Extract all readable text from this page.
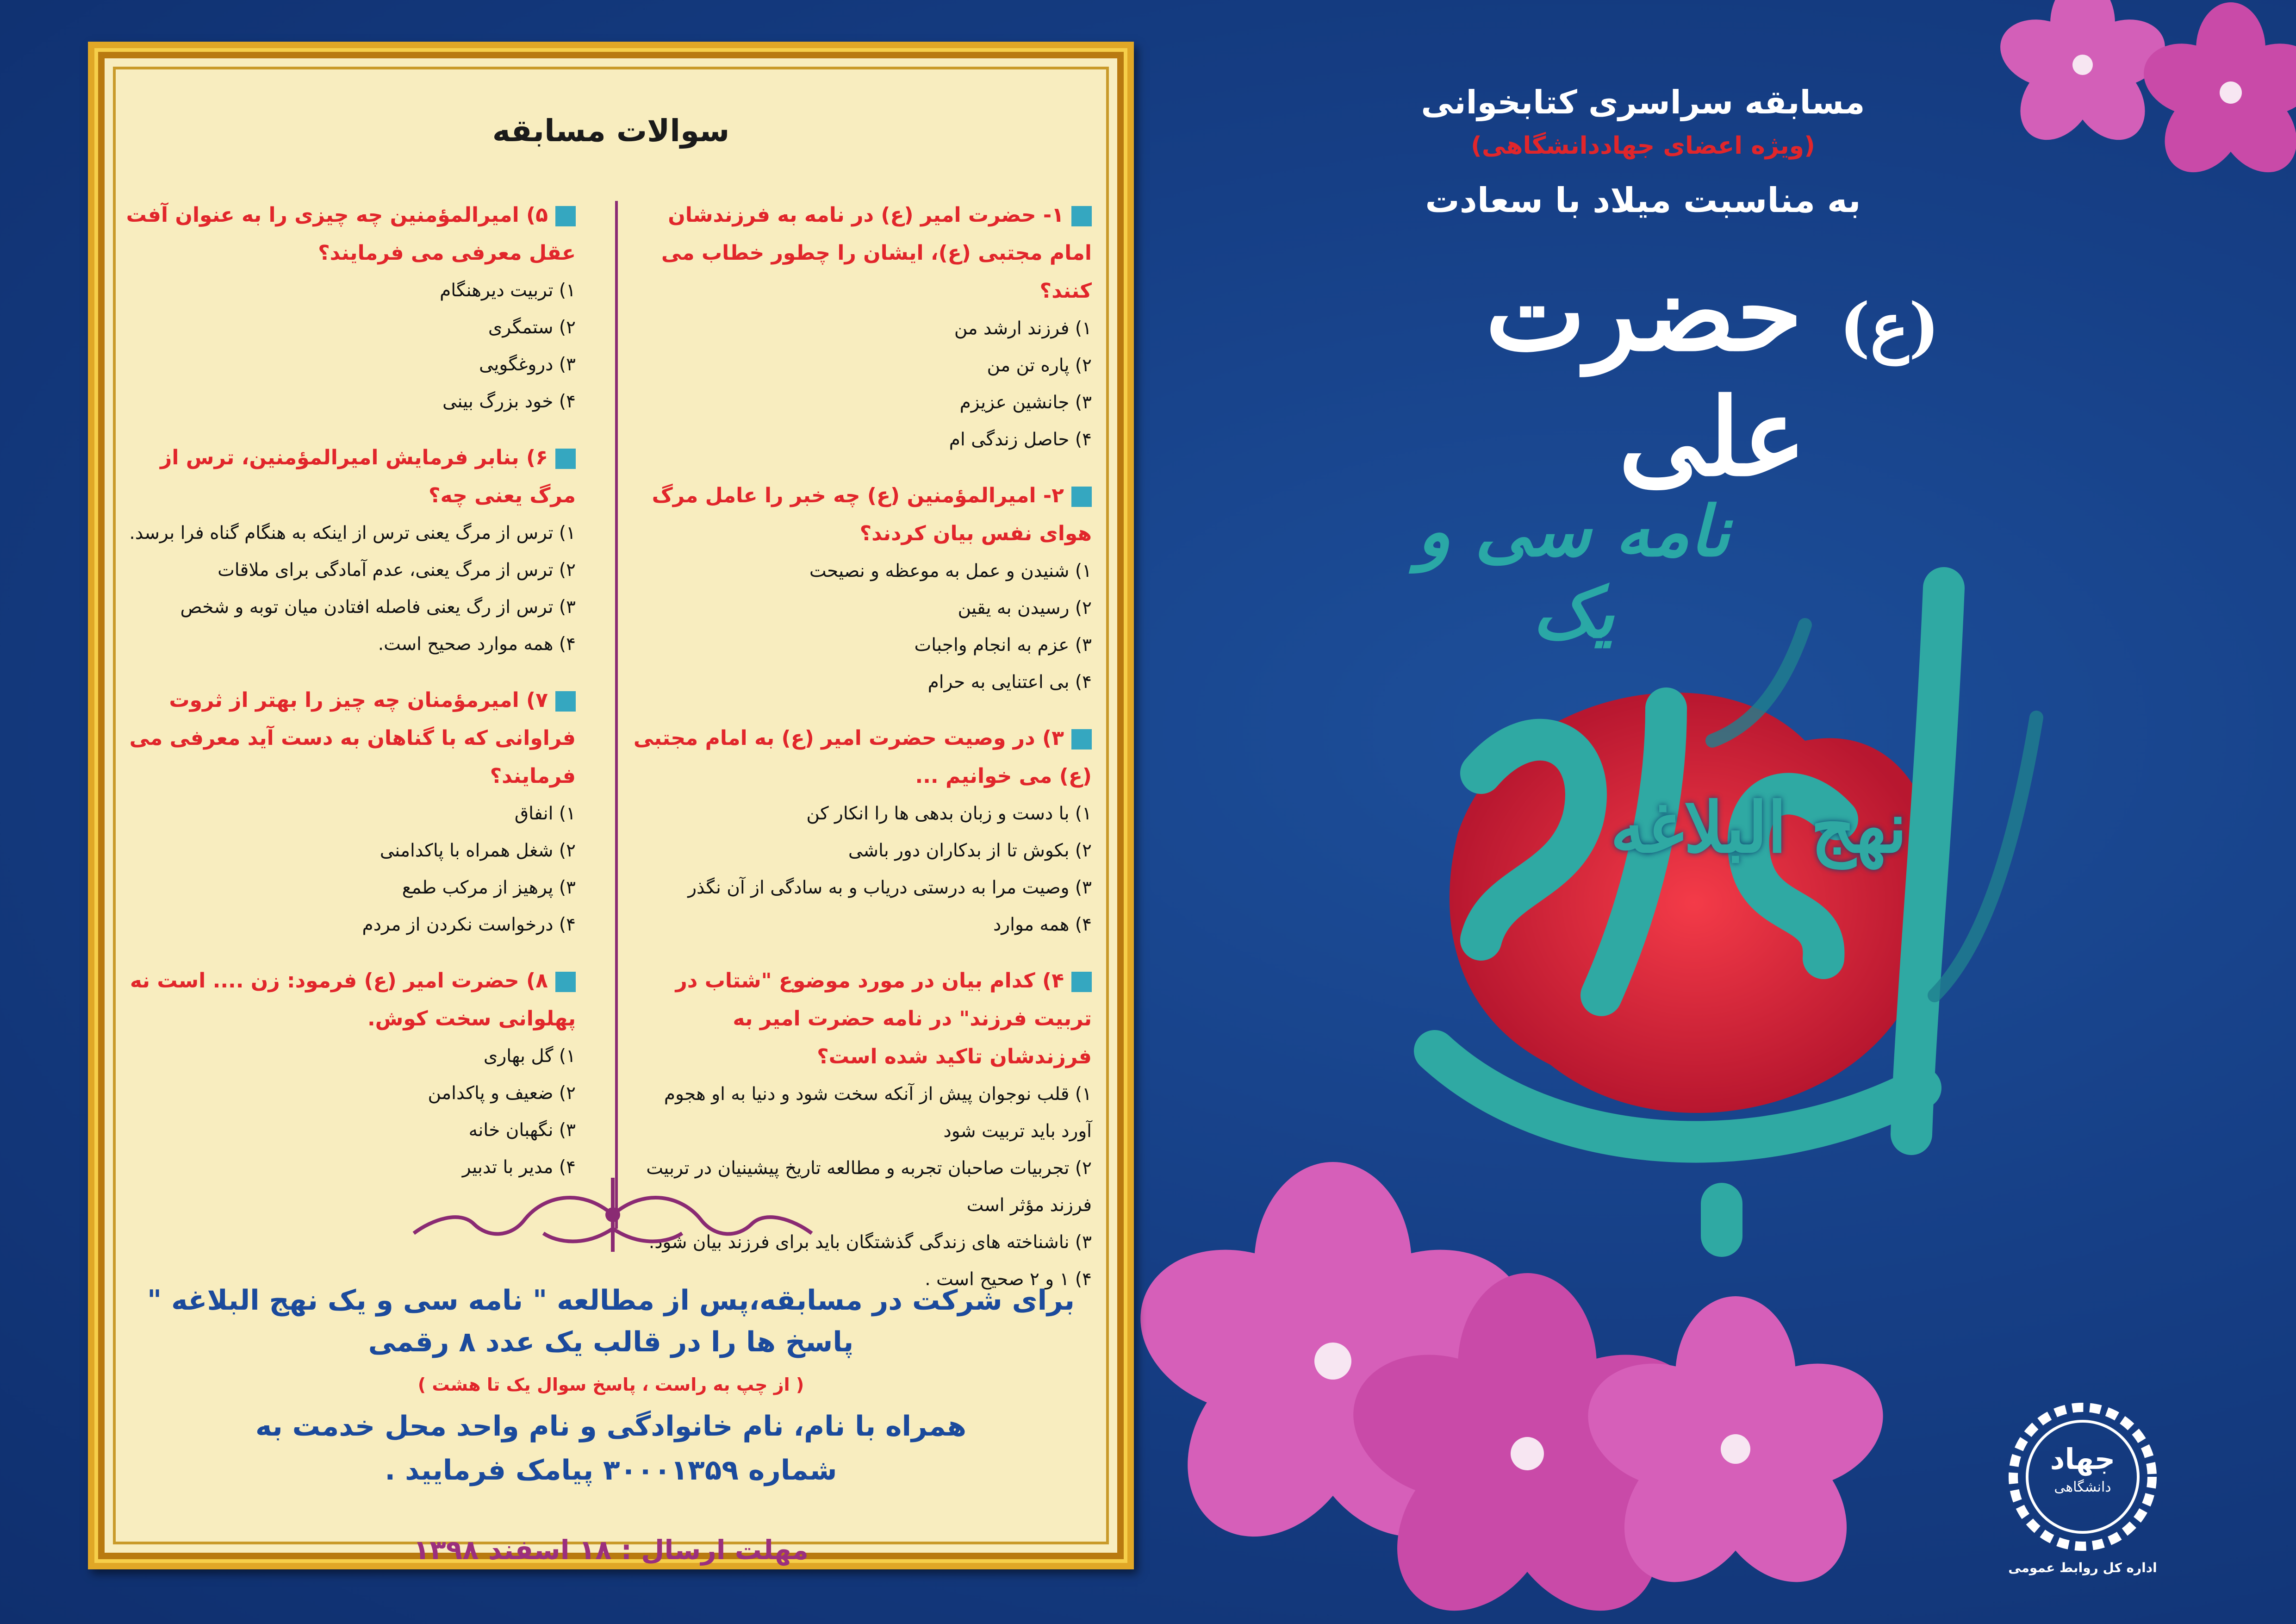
مسابقه سراسری کتابخوانی
(ویژه اعضای جهاددانشگاهی)
به مناسبت میلاد با سعادت
(ع) حضرت علی
نامه سی و یک
نهج البلاغه
جهاد
دانشگاهی
اداره کل روابط عمومی
سوالات مسابقه
۱- حضرت امیر (ع) در نامه به فرزندشان امام مجتبی (ع)، ایشان را چطور خطاب می کنند؟
۱) فرزند ارشد من
۲) پاره تن من
۳) جانشین عزیزم
۴) حاصل زندگی ام
۲- امیرالمؤمنین (ع) چه خبر را عامل مرگ هوای نفس بیان کردند؟
۱) شنیدن و عمل به موعظه و نصیحت
۲) رسیدن به یقین
۳) عزم به انجام واجبات
۴) بی اعتنایی به حرام
۳) در وصیت حضرت امیر (ع) به امام مجتبی (ع) می خوانیم ...
۱) با دست و زبان بدهی ها را انکار کن
۲) بکوش تا از بدکاران دور باشی
۳) وصیت مرا به درستی دریاب و به سادگی از آن نگذر
۴) همه موارد
۴) کدام بیان در مورد موضوع "شتاب در تربیت فرزند" در نامه حضرت امیر به فرزندشان تاکید شده است؟
۱) قلب نوجوان پیش از آنکه سخت شود و دنیا به او هجوم آورد باید تربیت شود
۲) تجربیات صاحبان تجربه و مطالعه تاریخ پیشینیان در تربیت فرزند مؤثر است
۳) ناشناخته های زندگی گذشتگان باید برای فرزند بیان شود.
۴) ۱ و ۲ صحیح است .
۵) امیرالمؤمنین چه چیزی را به عنوان آفت عقل معرفی می فرمایند؟
۱) تربیت دیرهنگام
۲) ستمگری
۳) دروغگویی
۴) خود بزرگ بینی
۶) بنابر فرمایش امیرالمؤمنین، ترس از مرگ یعنی چه؟
۱) ترس از مرگ یعنی ترس از اینکه به هنگام گناه فرا برسد.
۲) ترس از مرگ یعنی، عدم آمادگی برای ملاقات
۳) ترس از رگ یعنی فاصله افتادن میان توبه و شخص
۴) همه موارد صحیح است.
۷) امیرمؤمنان چه چیز را بهتر از ثروت فراوانی که با گناهان به دست آید معرفی می فرمایند؟
۱) انفاق
۲) شغل همراه با پاکدامنی
۳) پرهیز از مرکب طمع
۴) درخواست نکردن از مردم
۸) حضرت امیر (ع) فرمود: زن .... است نه پهلوانی سخت کوش.
۱) گل بهاری
۲) ضعیف و پاکدامن
۳) نگهبان خانه
۴) مدیر با تدبیر
برای شرکت در مسابقه،پس از مطالعه " نامه سی و یک نهج البلاغه " پاسخ ها را در قالب یک عدد ۸ رقمی
( از چپ به راست ، پاسخ سوال یک تا هشت )
همراه با نام، نام خانوادگی و نام واحد محل خدمت به شماره ۳۰۰۰۱۳۵۹ پیامک فرمایید .
مهلت ارسال : ۱۸ اسفند ۱۳۹۸
